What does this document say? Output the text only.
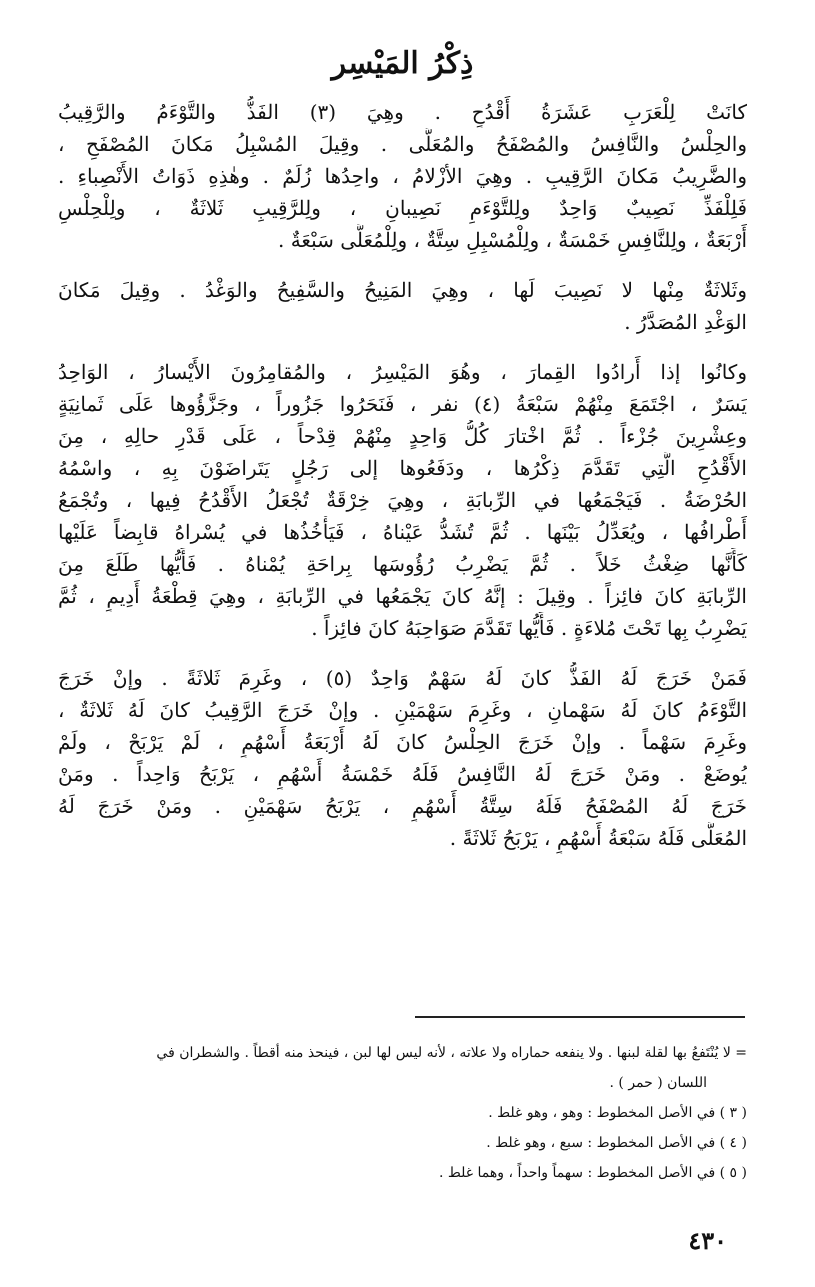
ذِكْرُ المَيْسِر
كانَتْ لِلْعَرَبِ عَشَرَةُ أَقْدُحٍ . وهِيَ (٣) الفَذُّ والتَّوْءَمُ والرَّقِيبُ
والحِلْسُ والنَّافِسُ والمُصْفَحُ والمُعَلَّى . وقِيلَ المُسْبِلُ مَكانَ المُصْفَحِ ،
والضَّرِيبُ مَكانَ الرَّقِيبِ . وهِيَ الأزْلامُ ، واحِدُها زُلَمٌ . وهٰذِهِ ذَوَاتُ الأَنْصِباءِ .
فَلِلْفَذِّ نَصِيبٌ وَاحِدٌ ولِلتَّوْءَمِ نَصِيبانِ ، ولِلرَّقِيبِ ثَلاثَةٌ ، ولِلْحِلْسِ
أَرْبَعَةٌ ، ولِلنَّافِسِ خَمْسَةٌ ، ولِلْمُسْبِلِ سِتَّةٌ ، ولِلْمُعَلَّى سَبْعَةٌ .
وثَلاثَةٌ مِنْها لا نَصِيبَ لَها ، وهِيَ المَنِيحُ والسَّفِيحُ والوَغْدُ . وقِيلَ مَكانَ
الوَغْدِ المُصَدَّرُ .
وكانُوا إذا أَرادُوا القِمارَ ، وهُوَ المَيْسِرُ ، والمُقامِرُونَ الأَيْسارُ ، الوَاحِدُ
يَسَرٌ ، اجْتَمَعَ مِنْهُمْ سَبْعَةُ (٤) نفر ، فَنَحَرُوا جَزُوراً ، وجَزَّؤُوها عَلَى ثَمانِيَةٍ
وعِشْرِينَ جُزْءاً . ثُمَّ اخْتارَ كُلُّ وَاحِدٍ مِنْهُمْ قِدْحاً ، عَلَى قَدْرِ حالِهِ ، مِنَ
الأَقْدُحِ الَّتِي تَقَدَّمَ ذِكْرُها ، ودَفَعُوها إلى رَجُلٍ يَتَراضَوْنَ بِهِ ، واسْمُهُ
الحُرْضَةُ . فَيَجْمَعُها في الرِّبابَةِ ، وهِيَ خِرْقَةٌ تُجْعَلُ الأَقْدُحُ فِيها ، وتُجْمَعُ
أَطْرافُها ، ويُعَدِّلُ بَيْنَها . ثُمَّ تُشَدُّ عَيْناهُ ، فَيَأْخُذُها في يُسْراهُ قابِضاً عَلَيْها
كَأَنَّها ضِغْثُ خَلاً . ثُمَّ يَضْرِبُ رُؤُوسَها بِراحَةِ يُمْناهُ . فَأَيُّها طَلَعَ مِنَ
الرِّبابَةِ كانَ فائِزاً . وقِيلَ : إنَّهُ كانَ يَجْمَعُها في الرِّبابَةِ ، وهِيَ قِطْعَةُ أَدِيمٍ ، ثُمَّ
يَضْرِبُ بِها تَحْتَ مُلاءَةٍ . فَأَيُّها تَقَدَّمَ صَوَاحِبَهُ كانَ فائِزاً .
فَمَنْ خَرَجَ لَهُ الفَذُّ كانَ لَهُ سَهْمٌ وَاحِدٌ (٥) ، وغَرِمَ ثَلاثَةً . وإنْ خَرَجَ
التَّوْءَمُ كانَ لَهُ سَهْمانِ ، وغَرِمَ سَهْمَيْنِ . وإنْ خَرَجَ الرَّقِيبُ كانَ لَهُ ثَلاثَةٌ ،
وغَرِمَ سَهْماً . وإنْ خَرَجَ الحِلْسُ كانَ لَهُ أَرْبَعَةُ أَسْهُمٍ ، لَمْ يَرْبَحْ ، ولَمْ
يُوضَعْ . ومَنْ خَرَجَ لَهُ النَّافِسُ فَلَهُ خَمْسَةُ أَسْهُمٍ ، يَرْبَحُ وَاحِداً . ومَنْ
خَرَجَ لَهُ المُصْفَحُ فَلَهُ سِتَّةُ أَسْهُمٍ ، يَرْبَحُ سَهْمَيْنِ . ومَنْ خَرَجَ لَهُ
المُعَلَّى فَلَهُ سَبْعَةُ أَسْهُمٍ ، يَرْبَحُ ثَلاثَةً .
= لا يُنْتَفعُ بها لقلة لبنها . ولا ينفعه حماراه ولا علاته ، لأنه ليس لها لبن ، فينحذ منه أقطاً . والشطران في
اللسان ( حمر ) .
( ٣ ) في الأصل المخطوط : وهو ، وهو غلط .
( ٤ ) في الأصل المخطوط : سبع ، وهو غلط .
( ٥ ) في الأصل المخطوط : سهماً واحداً ، وهما غلط .
٤٣٠
